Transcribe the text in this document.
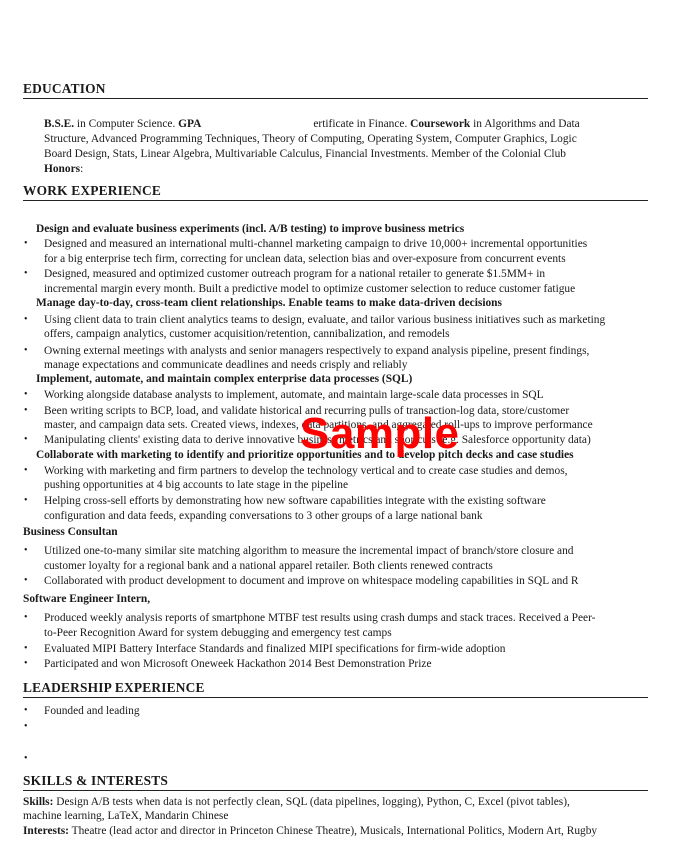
EDUCATION
B.S.E. in Computer Science. GPA	ertificate in Finance. Coursework in Algorithms and Data
Structure, Advanced Programming Techniques, Theory of Computing, Operating System, Computer Graphics, Logic
Board Design, Stats, Linear Algebra, Multivariable Calculus, Financial Investments. Member of the Colonial Club
Honors:
WORK EXPERIENCE
Design and evaluate business experiments (incl. A/B testing) to improve business metrics
• Designed and measured an international multi-channel marketing campaign to drive 10,000+ incremental opportunities
for a big enterprise tech firm, correcting for unclean data, selection bias and over-exposure from concurrent events
• Designed, measured and optimized customer outreach program for a national retailer to generate $1.5MM+ in
incremental margin every month. Built a predictive model to optimize customer selection to reduce customer fatigue
Manage day-to-day, cross-team client relationships. Enable teams to make data-driven decisions
• Using client data to train client analytics teams to design, evaluate, and tailor various business initiatives such as marketing
offers, campaign analytics, customer acquisition/retention, cannibalization, and remodels
• Owning external meetings with analysts and senior managers respectively to expand analysis pipeline, present findings,
manage expectations and communicate deadlines and needs crisply and reliably
Implement, automate, and maintain complex enterprise data processes (SQL)
• Working alongside database analysts to implement, automate, and maintain large-scale data processes in SQL
• Been writing scripts to BCP, load, and validate historical and recurring pulls of transaction-log data, store/customer
master, and campaign data sets. Created views, indexes, data partitions, and aggregated roll-ups to improve performance
• Manipulating clients' existing data to derive innovative business metrics and shortcuts (e.g. Salesforce opportunity data)
Collaborate with marketing to identify and prioritize opportunities and to develop pitch decks and case studies
• Working with marketing and firm partners to develop the technology vertical and to create case studies and demos,
pushing opportunities at 4 big accounts to late stage in the pipeline
• Helping cross-sell efforts by demonstrating how new software capabilities integrate with the existing software
configuration and data feeds, expanding conversations to 3 other groups of a large national bank
Business Consultan
• Utilized one-to-many similar site matching algorithm to measure the incremental impact of branch/store closure and
customer loyalty for a regional bank and a national apparel retailer. Both clients renewed contracts
• Collaborated with product development to document and improve on whitespace modeling capabilities in SQL and R
Software Engineer Intern,
• Produced weekly analysis reports of smartphone MTBF test results using crash dumps and stack traces. Received a Peer-
to-Peer Recognition Award for system debugging and emergency test camps
• Evaluated MIPI Battery Interface Standards and finalized MIPI specifications for firm-wide adoption
• Participated and won Microsoft Oneweek Hackathon 2014 Best Demonstration Prize
LEADERSHIP EXPERIENCE
• Founded and leading
•
•
SKILLS & INTERESTS
Skills: Design A/B tests when data is not perfectly clean, SQL (data pipelines, logging), Python, C, Excel (pivot tables),
machine learning, LaTeX, Mandarin Chinese
Interests: Theatre (lead actor and director in Princeton Chinese Theatre), Musicals, International Politics, Modern Art, Rugby
Sample
